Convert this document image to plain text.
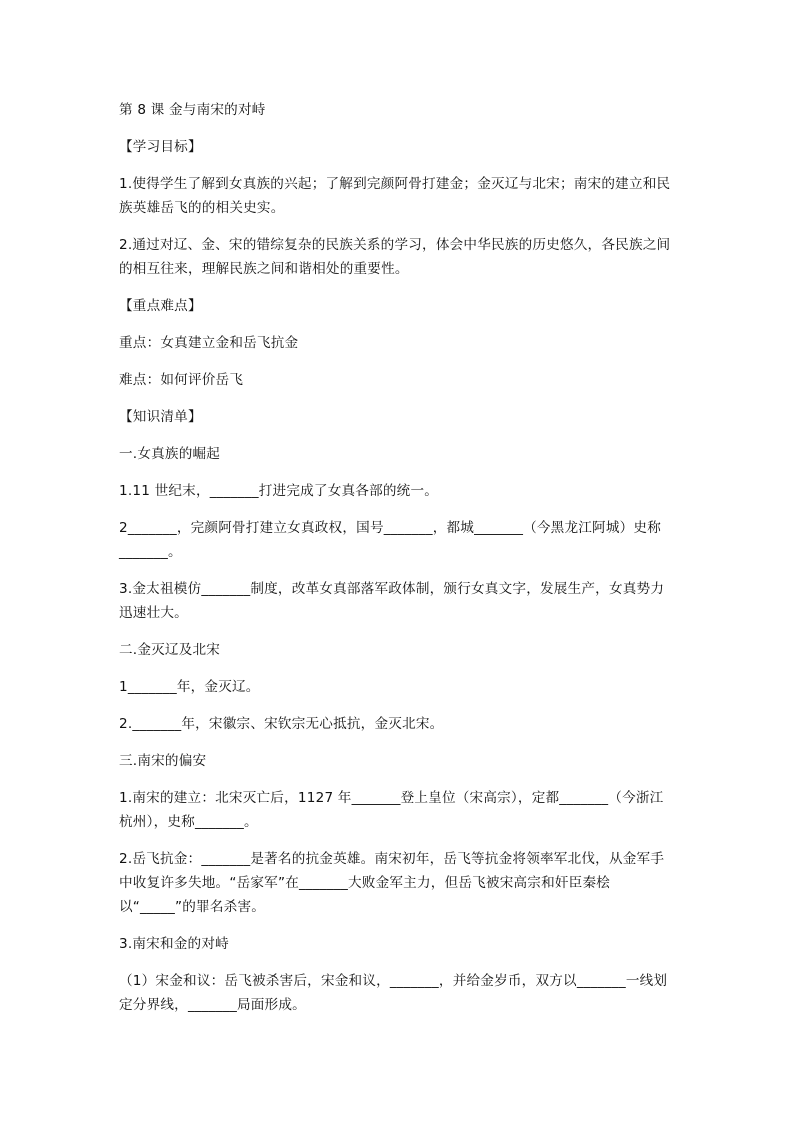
第 8 课 金与南宋的对峙

【学习目标】

1.使得学生了解到女真族的兴起；了解到完颜阿骨打建金；金灭辽与北宋；南宋的建立和民族英雄岳飞的的相关史实。

2.通过对辽、金、宋的错综复杂的民族关系的学习，体会中华民族的历史悠久，各民族之间的相互往来，理解民族之间和谐相处的重要性。

【重点难点】

重点：女真建立金和岳飞抗金

难点：如何评价岳飞

【知识清单】

一.女真族的崛起

1.11 世纪末，_______打进完成了女真各部的统一。

2_______，完颜阿骨打建立女真政权，国号_______，都城_______（今黑龙江阿城）史称_______。

3.金太祖模仿_______制度，改革女真部落军政体制，颁行女真文字，发展生产，女真势力迅速壮大。

二.金灭辽及北宋

1_______年，金灭辽。

2._______年，宋徽宗、宋钦宗无心抵抗，金灭北宋。

三.南宋的偏安

1.南宋的建立：北宋灭亡后，1127 年_______登上皇位（宋高宗），定都_______（今浙江杭州），史称_______。

2.岳飞抗金：_______是著名的抗金英雄。南宋初年，岳飞等抗金将领率军北伐，从金军手中收复许多失地。“岳家军”在_______大败金军主力，但岳飞被宋高宗和奸臣秦桧以“_____”的罪名杀害。

3.南宋和金的对峙

（1）宋金和议：岳飞被杀害后，宋金和议，_______，并给金岁币，双方以_______一线划定分界线，_______局面形成。
